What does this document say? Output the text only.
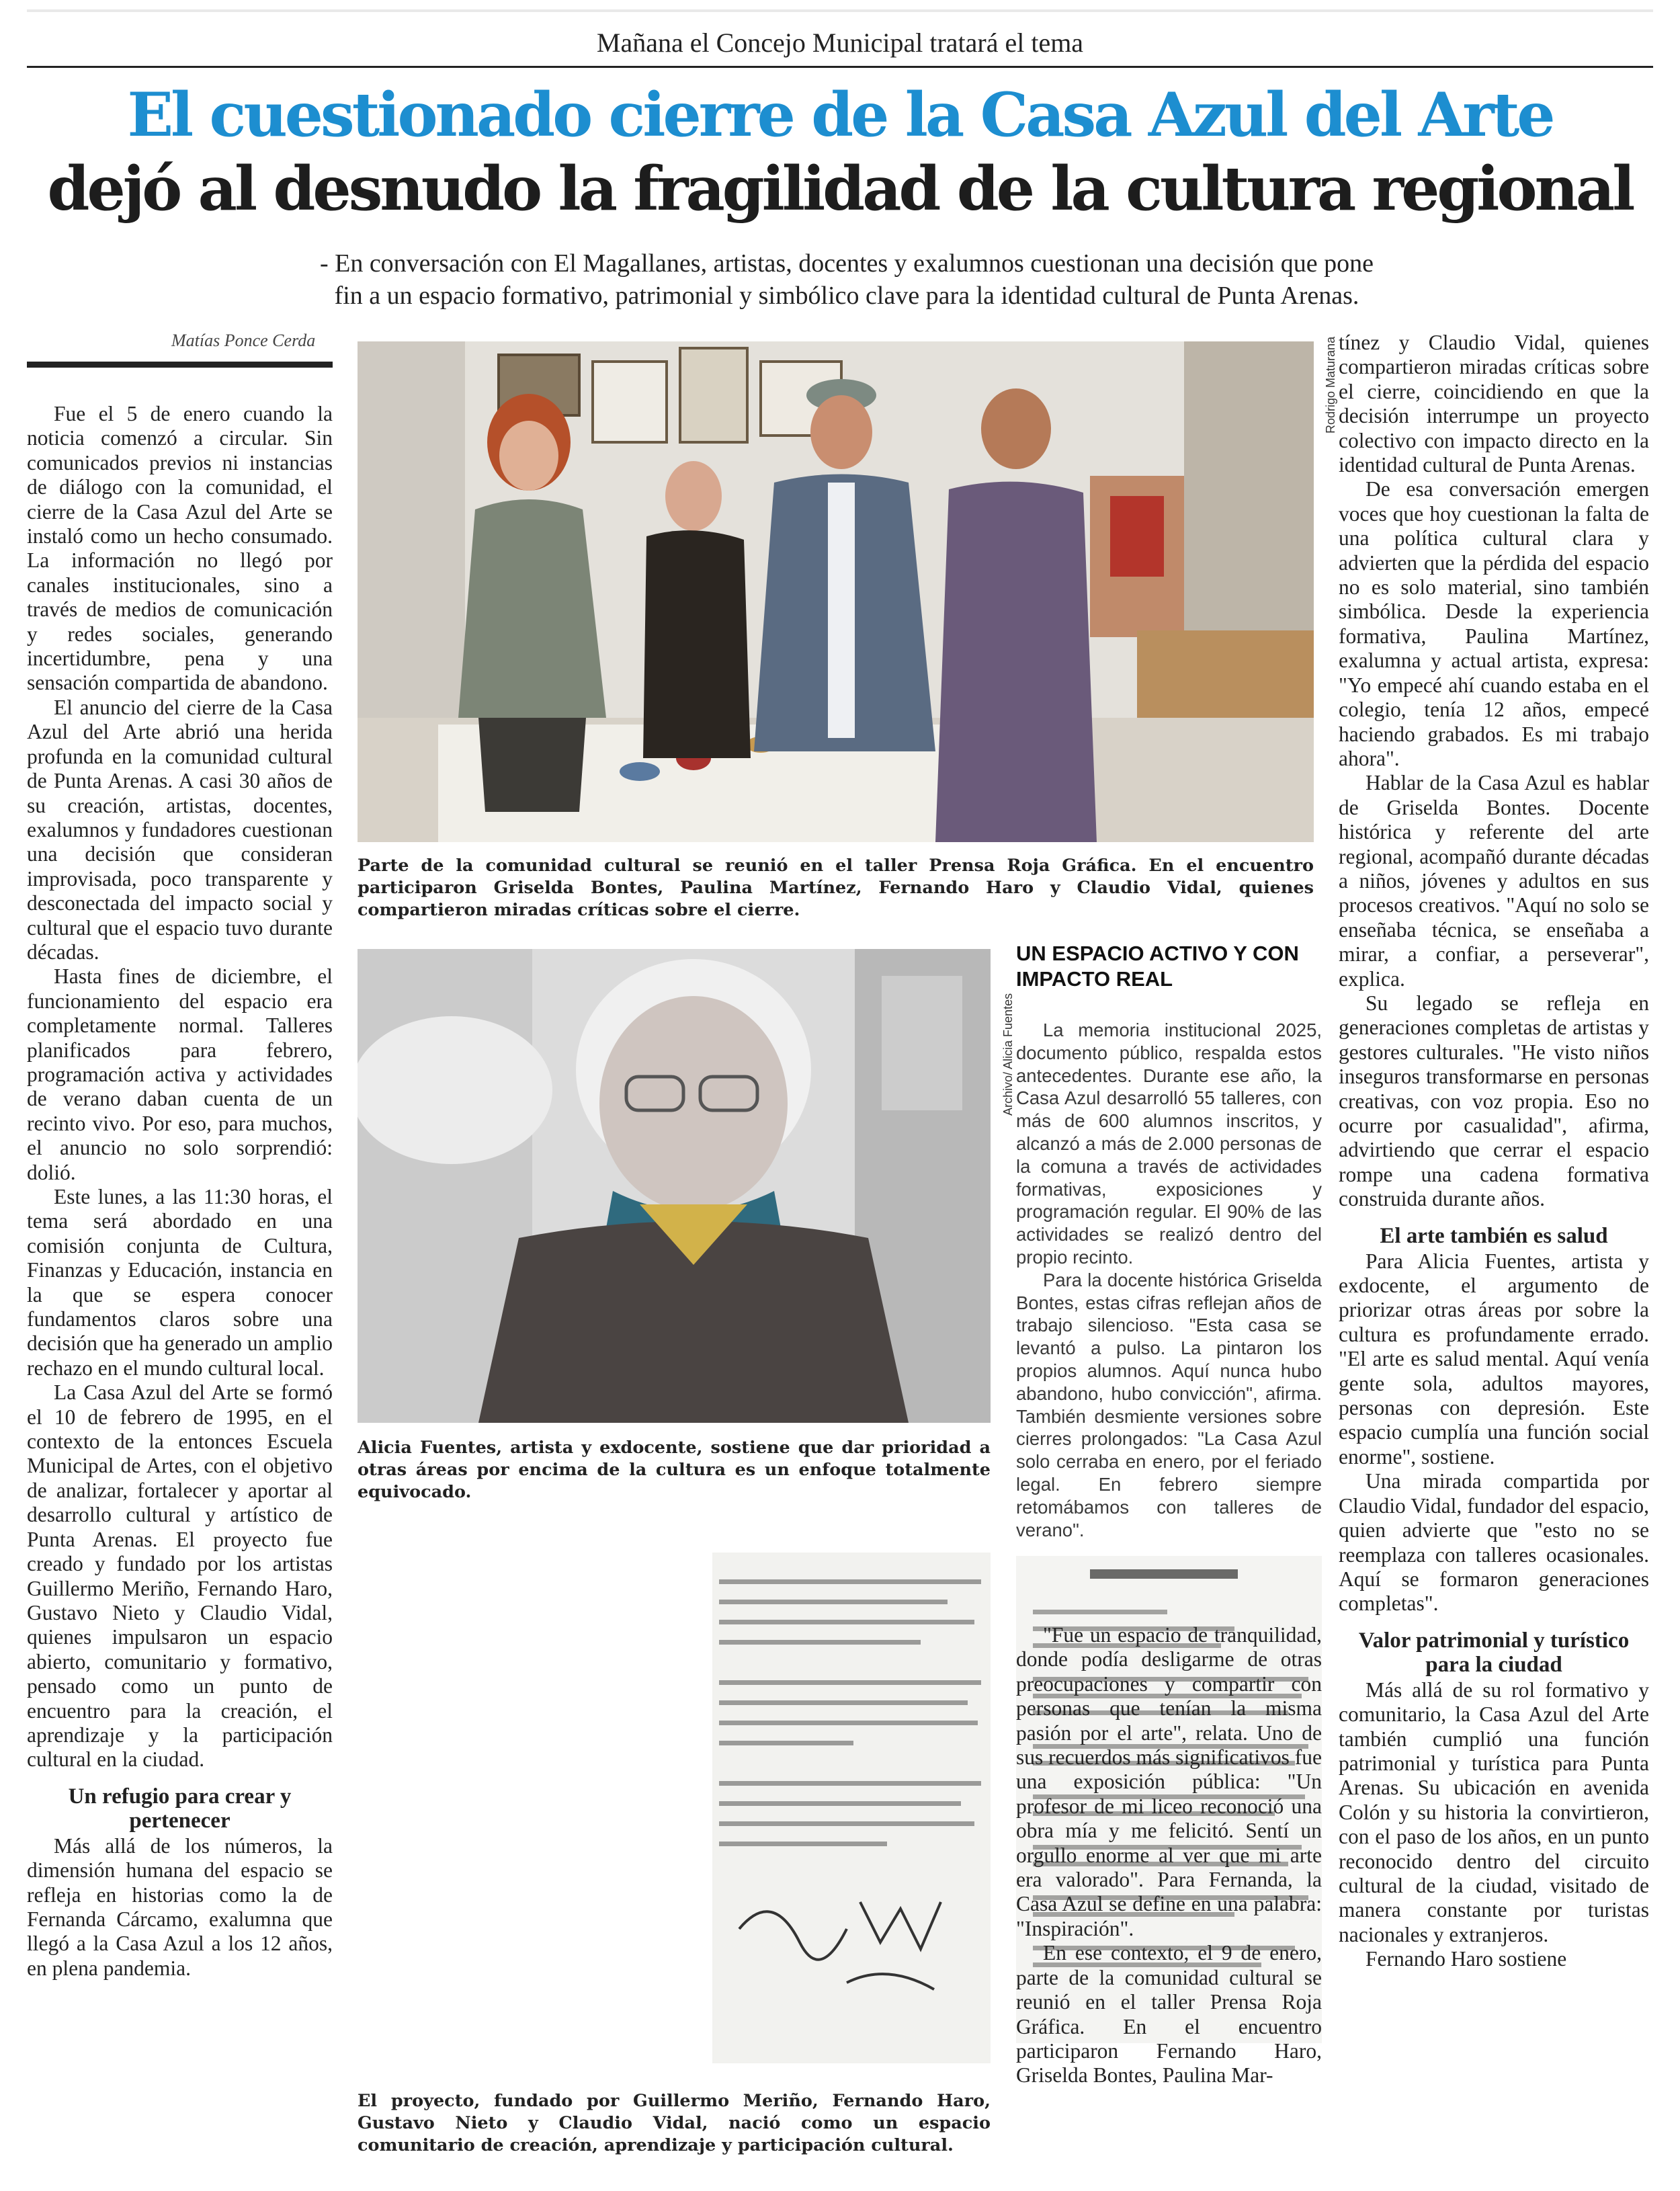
Mañana el Concejo Municipal tratará el tema
El cuestionado cierre de la Casa Azul del Arte
dejó al desnudo la fragilidad de la cultura regional
- En conversación con El Magallanes, artistas, docentes y exalumnos cuestionan una decisión que pone
fin a un espacio formativo, patrimonial y simbólico clave para la identidad cultural de Punta Arenas.
Matías Ponce Cerda

Fue el 5 de enero cuando la noticia comenzó a circular. Sin comunicados previos ni instancias de diálogo con la comunidad, el cierre de la Casa Azul del Arte se instaló como un hecho consumado. La información no llegó por canales institucionales, sino a través de medios de comunicación y redes sociales, generando incertidumbre, pena y una sensación compartida de abandono.

El anuncio del cierre de la Casa Azul del Arte abrió una herida profunda en la comunidad cultural de Punta Arenas. A casi 30 años de su creación, artistas, docentes, exalumnos y fundadores cuestionan una decisión que consideran improvisada, poco transparente y desconectada del impacto social y cultural que el espacio tuvo durante décadas.

Hasta fines de diciembre, el funcionamiento del espacio era completamente normal. Talleres planificados para febrero, programación activa y actividades de verano daban cuenta de un recinto vivo. Por eso, para muchos, el anuncio no solo sorprendió: dolió.

Este lunes, a las 11:30 horas, el tema será abordado en una comisión conjunta de Cultura, Finanzas y Educación, instancia en la que se espera conocer fundamentos claros sobre una decisión que ha generado un amplio rechazo en el mundo cultural local.

La Casa Azul del Arte se formó el 10 de febrero de 1995, en el contexto de la entonces Escuela Municipal de Artes, con el objetivo de analizar, fortalecer y aportar al desarrollo cultural y artístico de Punta Arenas. El proyecto fue creado y fundado por los artistas Guillermo Meriño, Fernando Haro, Gustavo Nieto y Claudio Vidal, quienes impulsaron un espacio abierto, comunitario y formativo, pensado como un punto de encuentro para la creación, el aprendizaje y la participación cultural en la ciudad.

Un refugio para crear y pertenecer

Más allá de los números, la dimensión humana del espacio se refleja en historias como la de Fernanda Cárcamo, exalumna que llegó a la Casa Azul a los 12 años, en plena pandemia.

Rodrigo Maturana
Parte de la comunidad cultural se reunió en el taller Prensa Roja Gráfica. En el encuentro participaron Griselda Bontes, Paulina Martínez, Fernando Haro y Claudio Vidal, quienes compartieron miradas críticas sobre el cierre.
Archivo/ Alicia Fuentes
Alicia Fuentes, artista y exdocente, sostiene que dar prioridad a otras áreas por encima de la cultura es un enfoque totalmente equivocado.
El proyecto, fundado por Guillermo Meriño, Fernando Haro, Gustavo Nieto y Claudio Vidal, nació como un espacio comunitario de creación, aprendizaje y participación cultural.
UN ESPACIO ACTIVO Y CON IMPACTO REAL

La memoria institucional 2025, documento público, respalda estos antecedentes. Durante ese año, la Casa Azul desarrolló 55 talleres, con más de 600 alumnos inscritos, y alcanzó a más de 2.000 personas de la comuna a través de actividades formativas, exposiciones y programación regular. El 90% de las actividades se realizó dentro del propio recinto.

Para la docente histórica Griselda Bontes, estas cifras reflejan años de trabajo silencioso. "Esta casa se levantó a pulso. La pintaron los propios alumnos. Aquí nunca hubo abandono, hubo convicción", afirma. También desmiente versiones sobre cierres prolongados: "La Casa Azul solo cerraba en enero, por el feriado legal. En febrero siempre retomábamos con talleres de verano".

"Fue un espacio de tranquilidad, donde podía desligarme de otras preocupaciones y compartir con personas que tenían la misma pasión por el arte", relata. Uno de sus recuerdos más significativos fue una exposición pública: "Un profesor de mi liceo reconoció una obra mía y me felicitó. Sentí un orgullo enorme al ver que mi arte era valorado". Para Fernanda, la Casa Azul se define en una palabra: "Inspiración".

En ese contexto, el 9 de enero, parte de la comunidad cultural se reunió en el taller Prensa Roja Gráfica. En el encuentro participaron Fernando Haro, Griselda Bontes, Paulina Mar-

tínez y Claudio Vidal, quienes compartieron miradas críticas sobre el cierre, coincidiendo en que la decisión interrumpe un proyecto colectivo con impacto directo en la identidad cultural de Punta Arenas.

De esa conversación emergen voces que hoy cuestionan la falta de una política cultural clara y advierten que la pérdida del espacio no es solo material, sino también simbólica. Desde la experiencia formativa, Paulina Martínez, exalumna y actual artista, expresa: "Yo empecé ahí cuando estaba en el colegio, tenía 12 años, empecé haciendo grabados. Es mi trabajo ahora".

Hablar de la Casa Azul es hablar de Griselda Bontes. Docente histórica y referente del arte regional, acompañó durante décadas a niños, jóvenes y adultos en sus procesos creativos. "Aquí no solo se enseñaba técnica, se enseñaba a mirar, a confiar, a perseverar", explica.

Su legado se refleja en generaciones completas de artistas y gestores culturales. "He visto niños inseguros transformarse en personas creativas, con voz propia. Eso no ocurre por casualidad", afirma, advirtiendo que cerrar el espacio rompe una cadena formativa construida durante años.

El arte también es salud

Para Alicia Fuentes, artista y exdocente, el argumento de priorizar otras áreas por sobre la cultura es profundamente errado. "El arte es salud mental. Aquí venía gente sola, adultos mayores, personas con depresión. Este espacio cumplía una función social enorme", sostiene.

Una mirada compartida por Claudio Vidal, fundador del espacio, quien advierte que "esto no se reemplaza con talleres ocasionales. Aquí se formaron generaciones completas".

Valor patrimonial y turístico para la ciudad

Más allá de su rol formativo y comunitario, la Casa Azul del Arte también cumplió una función patrimonial y turística para Punta Arenas. Su ubicación en avenida Colón y su historia la convirtieron, con el paso de los años, en un punto reconocido dentro del circuito cultural de la ciudad, visitado de manera constante por turistas nacionales y extranjeros.

Fernando Haro sostiene
